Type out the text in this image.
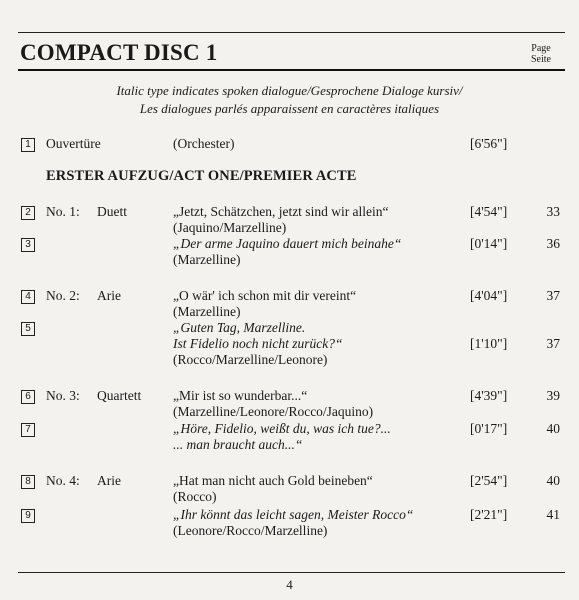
COMPACT DISC 1	Page
Seite
Italic type indicates spoken dialogue/Gesprochene Dialoge kursiv/
Les dialogues parlés apparaissent en caractères italiques
1	Ouvertüre	(Orchester)	[6'56"]
ERSTER AUFZUG/ACT ONE/PREMIER ACTE
2	No. 1: Duett	„Jetzt, Schätzchen, jetzt sind wir allein“
(Jaquino/Marzelline)
[4'54"]	33
3	„Der arme Jaquino dauert mich beinahe“
(Marzelline)
[0'14"]	36
4	No. 2: Arie	„O wär' ich schon mit dir vereint“
(Marzelline)
[4'04"]	37
5	„Guten Tag, Marzelline.
Ist Fidelio noch nicht zurück?“
(Rocco/Marzelline/Leonore)
[1'10"]	37
6	No. 3: Quartett „Mir ist so wunderbar...“
(Marzelline/Leonore/Rocco/Jaquino)
[4'39"]	39
7	„Höre, Fidelio, weißt du, was ich tue?...
... man braucht auch...“
[0'17"]	40
8	No. 4: Arie	„Hat man nicht auch Gold beineben“
(Rocco)
[2'54"]	40
9	„Ihr könnt das leicht sagen, Meister Rocco“
(Leonore/Rocco/Marzelline)
[2'21"]	41
4
